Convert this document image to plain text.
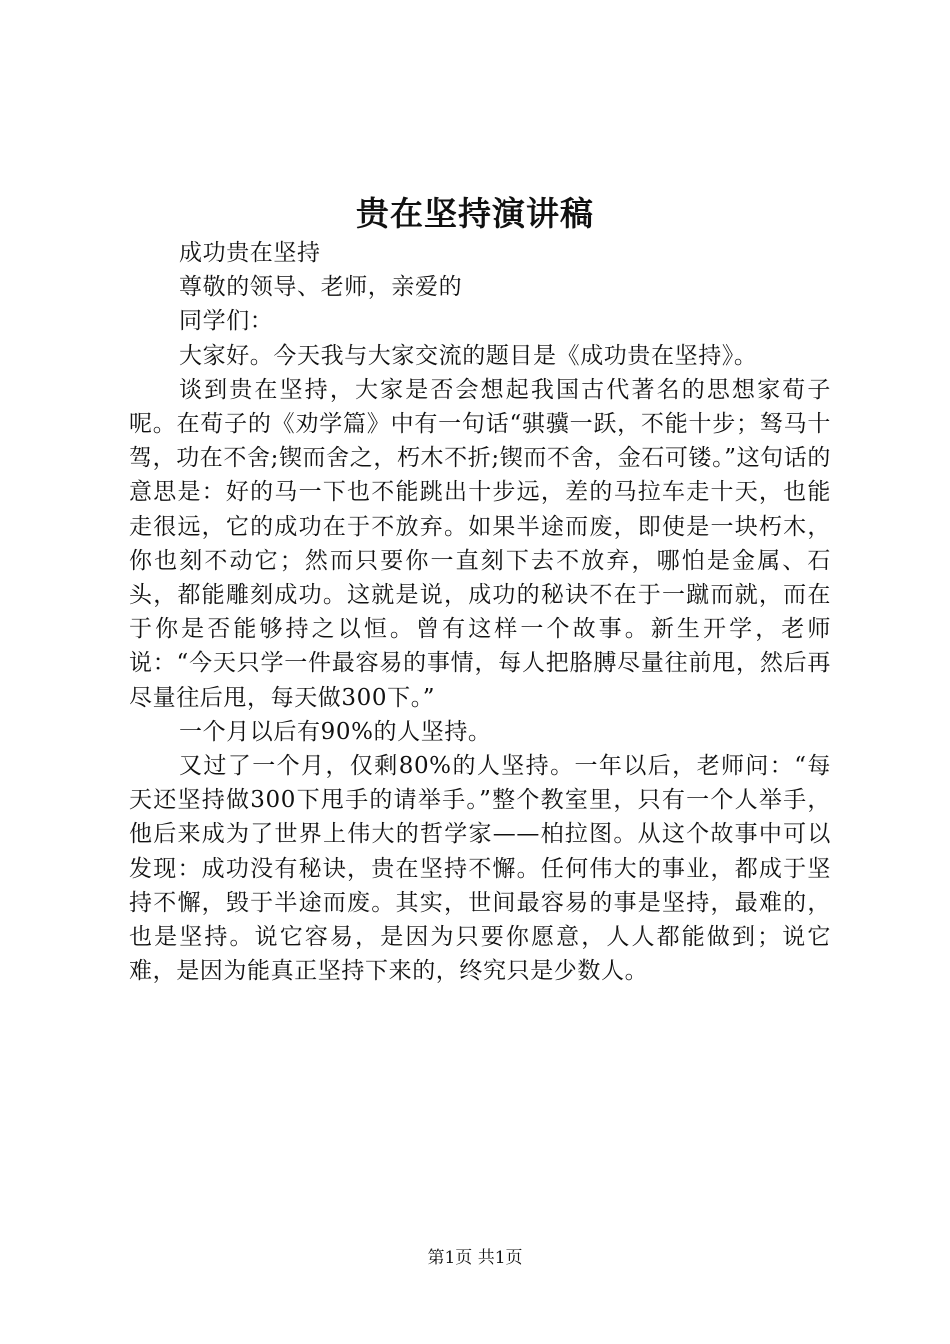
贵在坚持演讲稿

成功贵在坚持

尊敬的领导、老师，亲爱的

同学们：

大家好。今天我与大家交流的题目是《成功贵在坚持》。

谈到贵在坚持，大家是否会想起我国古代著名的思想家荀子呢。在荀子的《劝学篇》中有一句话“骐骥一跃，不能十步；驽马十驾，功在不舍;锲而舍之，朽木不折;锲而不舍，金石可镂。”这句话的意思是：好的马一下也不能跳出十步远，差的马拉车走十天，也能走很远，它的成功在于不放弃。如果半途而废，即使是一块朽木，你也刻不动它；然而只要你一直刻下去不放弃，哪怕是金属、石头，都能雕刻成功。这就是说，成功的秘诀不在于一蹴而就，而在于你是否能够持之以恒。曾有这样一个故事。新生开学，老师说：“今天只学一件最容易的事情，每人把胳膊尽量往前甩，然后再尽量往后甩，每天做300下。”

一个月以后有90%的人坚持。

又过了一个月，仅剩80%的人坚持。一年以后，老师问：“每天还坚持做300下甩手的请举手。”整个教室里，只有一个人举手，他后来成为了世界上伟大的哲学家——柏拉图。从这个故事中可以发现：成功没有秘诀，贵在坚持不懈。任何伟大的事业，都成于坚持不懈，毁于半途而废。其实，世间最容易的事是坚持，最难的，也是坚持。说它容易，是因为只要你愿意，人人都能做到；说它难，是因为能真正坚持下来的，终究只是少数人。

第1页 共1页
